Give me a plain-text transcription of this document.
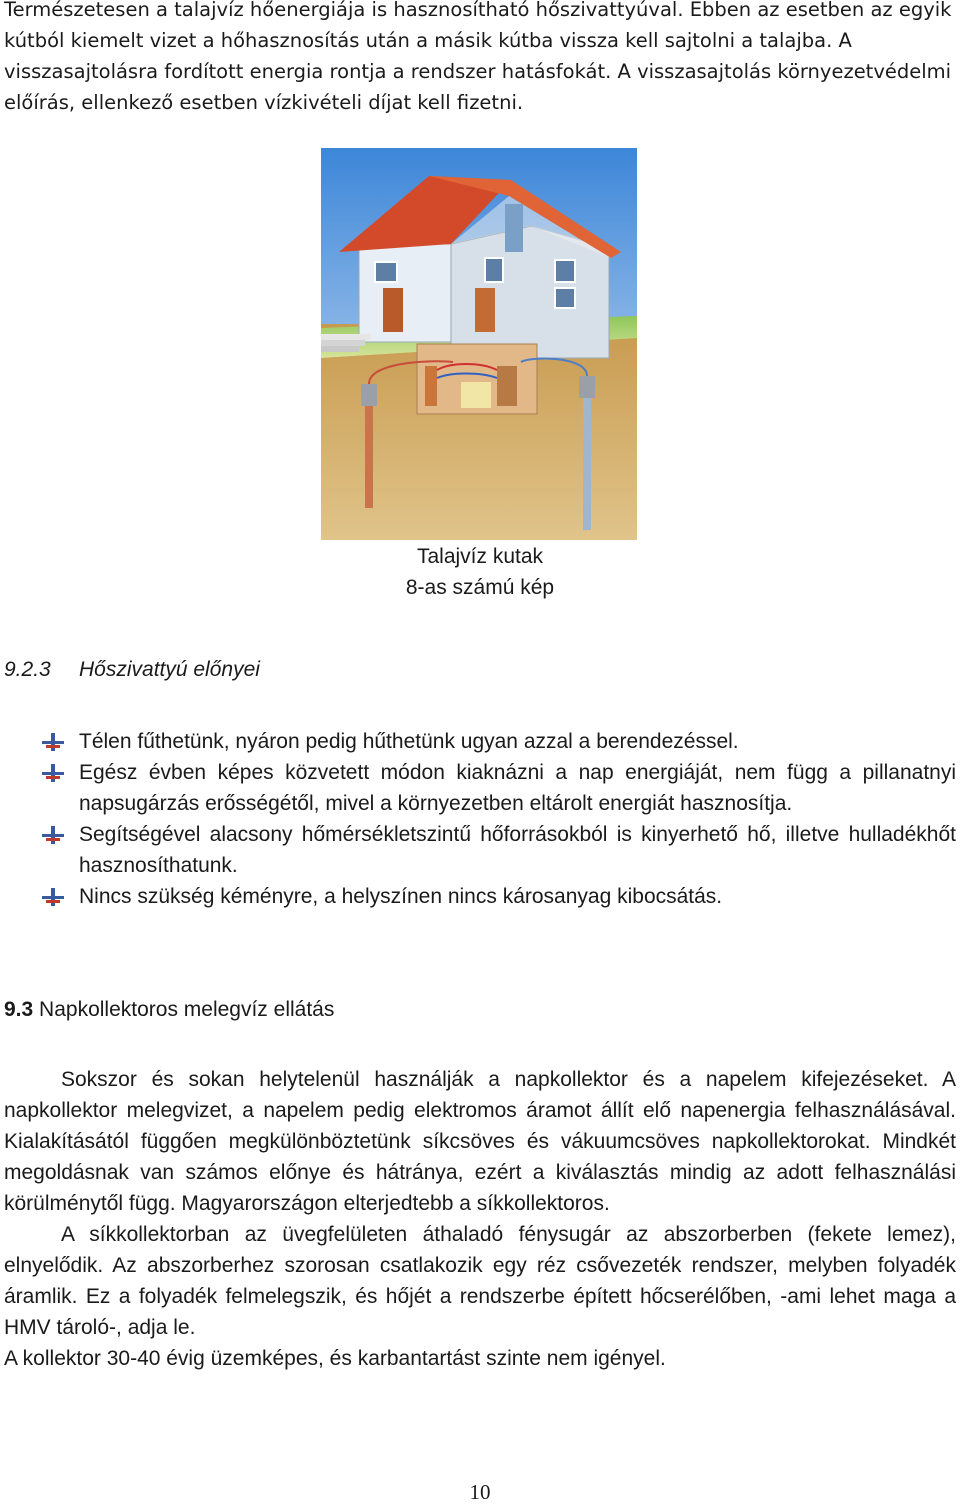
Természetesen a talajvíz hőenergiája is hasznosítható hőszivattyúval. Ebben az esetben az egyik kútból kiemelt vizet a hőhasznosítás után a másik kútba vissza kell sajtolni a talajba. A visszasajtolásra fordított energia rontja a rendszer hatásfokát. A visszasajtolás környezetvédelmi előírás, ellenkező esetben vízkivételi díjat kell fizetni.

Talajvíz kutak
8-as számú kép
9.2.3 Hőszivattyú előnyei
Télen fűthetünk, nyáron pedig hűthetünk ugyan azzal a berendezéssel.
Egész évben képes közvetett módon kiaknázni a nap energiáját, nem függ a pillanatnyi napsugárzás erősségétől, mivel a környezetben eltárolt energiát hasznosítja.
Segítségével alacsony hőmérsékletszintű hőforrásokból is kinyerhető hő, illetve hulladékhőt hasznosíthatunk.
Nincs szükség kéményre, a helyszínen nincs károsanyag kibocsátás.
9.3 Napkollektoros melegvíz ellátás

Sokszor és sokan helytelenül használják a napkollektor és a napelem kifejezéseket. A napkollektor melegvizet, a napelem pedig elektromos áramot állít elő napenergia felhasználásával. Kialakításától függően megkülönböztetünk síkcsöves és vákuumcsöves napkollektorokat. Mindkét megoldásnak van számos előnye és hátránya, ezért a kiválasztás mindig az adott felhasználási körülménytől függ. Magyarországon elterjedtebb a síkkollektoros.

A síkkollektorban az üvegfelületen áthaladó fénysugár az abszorberben (fekete lemez), elnyelődik. Az abszorberhez szorosan csatlakozik egy réz csővezeték rendszer, melyben folyadék áramlik. Ez a folyadék felmelegszik, és hőjét a rendszerbe épített hőcserélőben, -ami lehet maga a HMV tároló-, adja le.

A kollektor 30-40 évig üzemképes, és karbantartást szinte nem igényel.

10
